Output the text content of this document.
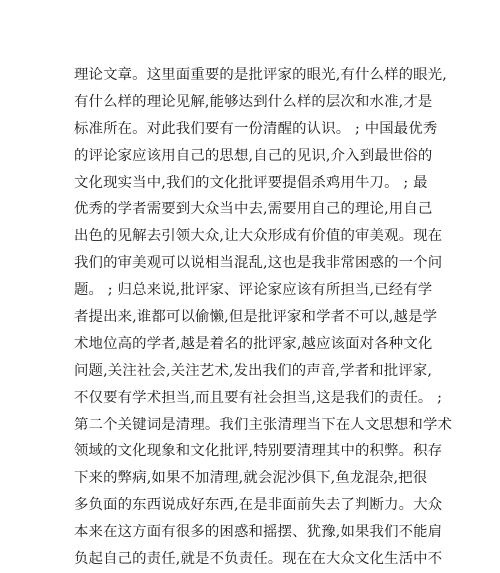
理论文章。这里面重要的是批评家的眼光,有什么样的眼光,
有什么样的理论见解,能够达到什么样的层次和水准,才是
标准所在。对此我们要有一份清醒的认识。 ; 中国最优秀
的评论家应该用自己的思想,自己的见识,介入到最世俗的
文化现实当中,我们的文化批评要提倡杀鸡用牛刀。 ; 最
优秀的学者需要到大众当中去,需要用自己的理论,用自己
出色的见解去引领大众,让大众形成有价值的审美观。现在
我们的审美观可以说相当混乱,这也是我非常困惑的一个问
题。 ; 归总来说,批评家、评论家应该有所担当,已经有学
者提出来,谁都可以偷懒,但是批评家和学者不可以,越是学
术地位高的学者,越是着名的批评家,越应该面对各种文化
问题,关注社会,关注艺术,发出我们的声音,学者和批评家,
不仅要有学术担当,而且要有社会担当,这是我们的责任。 ;
第二个关键词是清理。我们主张清理当下在人文思想和学术
领域的文化现象和文化批评,特别要清理其中的积弊。积存
下来的弊病,如果不加清理,就会泥沙俱下,鱼龙混杂,把很
多负面的东西说成好东西,在是非面前失去了判断力。大众
本来在这方面有很多的困惑和摇摆、犹豫,如果我们不能肩
负起自己的责任,就是不负责任。现在在大众文化生活中不
